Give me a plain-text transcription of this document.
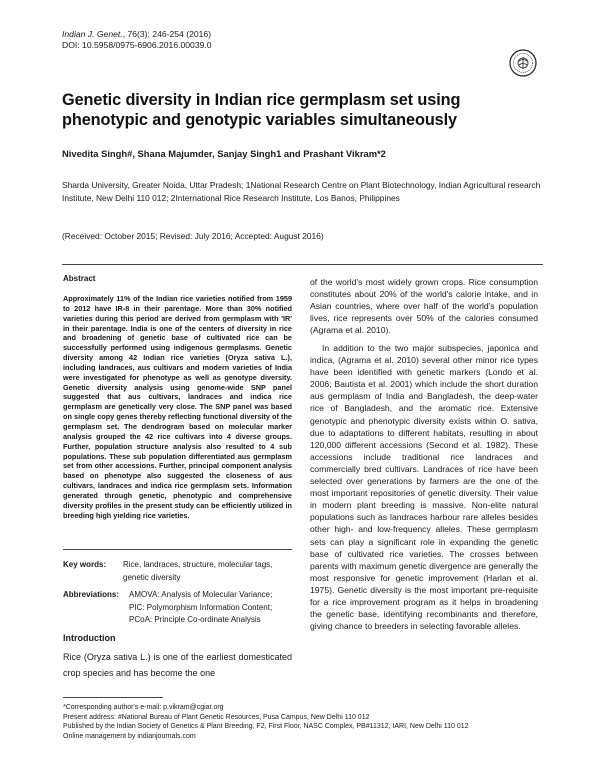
Indian J. Genet., 76(3): 246-254 (2016)
DOI: 10.5958/0975-6906.2016.00039.0
Genetic diversity in Indian rice germplasm set using phenotypic and genotypic variables simultaneously
Nivedita Singh#, Shana Majumder, Sanjay Singh1 and Prashant Vikram*2
Sharda University, Greater Noida, Uttar Pradesh; 1National Research Centre on Plant Biotechnology, Indian Agricultural research Institute, New Delhi 110 012; 2International Rice Research Institute, Los Banos, Philippines
(Received: October 2015; Revised: July 2016; Accepted: August 2016)
Abstract
Approximately 11% of the Indian rice varieties notified from 1959 to 2012 have IR-8 in their parentage. More than 30% notified varieties during this period are derived from germplasm with 'IR' in their parentage. India is one of the centers of diversity in rice and broadening of genetic base of cultivated rice can be successfully performed using indigenous germplasms. Genetic diversity among 42 Indian rice varieties (Oryza sativa L.), including landraces, aus cultivars and modern varieties of India were investigated for phenotype as well as genotype diversity. Genetic diversity analysis using genome-wide SNP panel suggested that aus cultivars, landraces and indica rice germplasm are genetically very close. The SNP panel was based on single copy genes thereby reflecting functional diversity of the germplasm set. The dendrogram based on molecular marker analysis grouped the 42 rice cultivars into 4 diverse groups. Further, population structure analysis also resulted to 4 sub populations. These sub population differentiated aus germplasm set from other accessions. Further, principal component analysis based on phenotype also suggested the closeness of aus cultivars, landraces and indica rice germplasm sets. Information generated through genetic, phenotypic and comprehensive diversity profiles in the present study can be efficiently utilized in breeding high yielding rice varieties.
Key words: Rice, landraces, structure, molecular tags, genetic diversity
Abbreviations: AMOVA: Analysis of Molecular Variance;
PIC: Polymorphism Information Content;
PCoA: Principle Co-ordinate Analysis
Introduction
Rice (Oryza sativa L.) is one of the earliest domesticated crop species and has become the one
of the world's most widely grown crops. Rice consumption constitutes about 20% of the world's calorie intake, and in Asian countries, where over half of the world's population lives, rice represents over 50% of the calories consumed (Agrama et al. 2010).
In addition to the two major subspecies, japonica and indica, (Agrama et al. 2010) several other minor rice types have been identified with genetic markers (Londo et al. 2006; Bautista et al. 2001) which include the short duration aus germplasm of India and Bangladesh, the deep-water rice of Bangladesh, and the aromatic rice. Extensive genotypic and phenotypic diversity exists within O. sativa, due to adaptations to different habitats, resulting in about 120,000 different accessions (Second et al. 1982). These accessions include traditional rice landraces and commercially bred cultivars. Landraces of rice have been selected over generations by farmers are the one of the most important repositories of genetic diversity. Their value in modern plant breeding is massive. Non-elite natural populations such as landraces harbour rare alleles besides other high- and low-frequency alleles. These germplasm sets can play a significant role in expanding the genetic base of cultivated rice varieties. The crosses between parents with maximum genetic divergence are generally the most responsive for genetic improvement (Harlan et al. 1975). Genetic diversity is the most important pre-requisite for a rice improvement program as it helps in broadening the genetic base, identifying recombinants and therefore, giving chance to breeders in selecting favorable alleles.
*Corresponding author's e-mail: p.vikram@cgiar.org
Present address: #National Bureau of Plant Genetic Resources, Pusa Campus, New Delhi 110 012
Published by the Indian Society of Genetics & Plant Breeding, F2, First Floor, NASC Complex, PB#11312, IARI, New Delhi 110 012
Online management by indianjournals.com
